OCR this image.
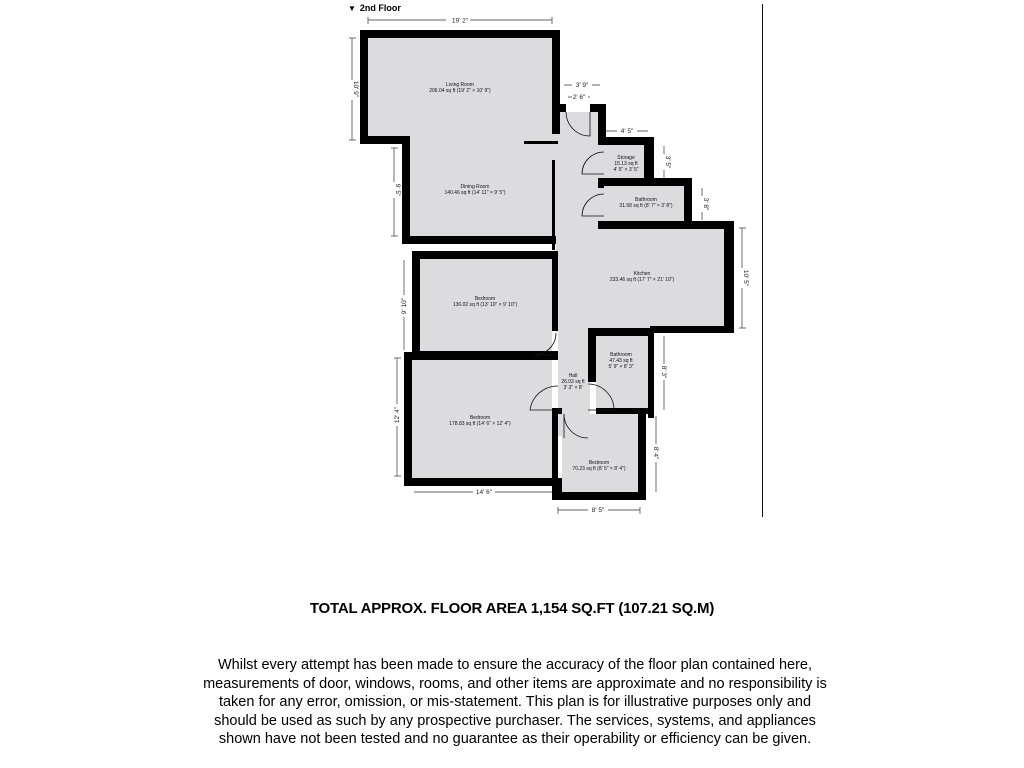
▼ 2nd Floor
19' 2"
10' 9"
9' 5"
3' 9"
2' 6"
4' 5"
3' 5"
3' 8"
10' 5"
9' 10"
8' 3"
12' 4"
14' 6"
8' 4"
8' 5"
Living Room
206.04 sq ft (19' 2" × 10' 9")
Dining Room
140.46 sq ft (14' 11" × 9' 5")
Storage
15.13 sq ft
4' 5" × 3' 5"
Bathroom
31.58 sq ft (8' 7" × 3' 8")
Kitchen
233.46 sq ft (17' 7" × 21' 10")
Bedroom
136.02 sq ft (13' 10" × 9' 10")
Bathroom
47.43 sq ft
5' 9" × 8' 3"
Hall
26.03 sq ft
3' 3" × 8'
Bedroom
178.83 sq ft (14' 6" × 12' 4")
Bedroom
70.23 sq ft (8' 5" × 8' 4")
TOTAL APPROX. FLOOR AREA 1,154 SQ.FT (107.21 SQ.M)
Whilst every attempt has been made to ensure the accuracy of the floor plan contained here, measurements of door, windows, rooms, and other items are approximate and no responsibility is taken for any error, omission, or mis-statement. This plan is for illustrative purposes only and should be used as such by any prospective purchaser. The services, systems, and appliances shown have not been tested and no guarantee as their operability or efficiency can be given.
